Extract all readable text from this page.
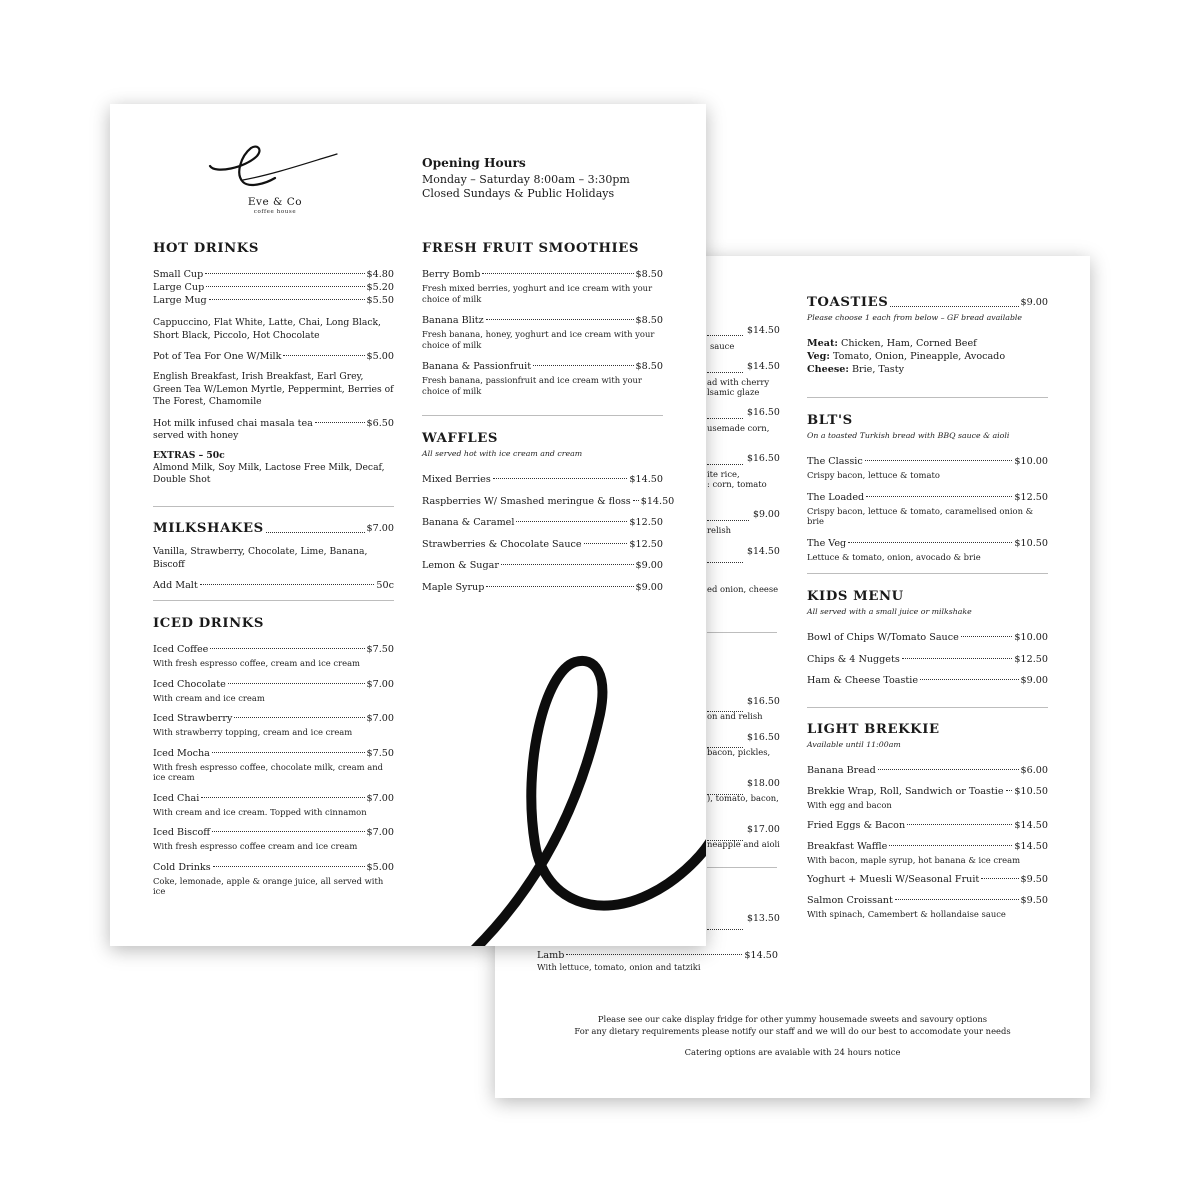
$14.50
sauce
$14.50
ad with cherry
lsamic glaze
$16.50
usemade corn,
$16.50
ite rice,
: corn, tomato
$9.00
relish
$14.50
ed onion, cheese
$16.50
on and relish
$16.50
bacon, pickles,
$18.00
), tomato, bacon,
$17.00
neapple and aioli
$13.50
Lamb	$14.50
With lettuce, tomato, onion and tatziki
TOASTIES	$9.00
Please choose 1 each from below – GF bread available
Meat: Chicken, Ham, Corned Beef
Veg: Tomato, Onion, Pineapple, Avocado
Cheese: Brie, Tasty
BLT'S
On a toasted Turkish bread with BBQ sauce & aioli
The Classic	$10.00
Crispy bacon, lettuce & tomato
The Loaded	$12.50
Crispy bacon, lettuce & tomato, caramelised onion & brie
The Veg	$10.50
Lettuce & tomato, onion, avocado & brie
KIDS MENU
All served with a small juice or milkshake
Bowl of Chips W/Tomato Sauce	$10.00
Chips & 4 Nuggets	$12.50
Ham & Cheese Toastie	$9.00
LIGHT BREKKIE
Available until 11:00am
Banana Bread	$6.00
Brekkie Wrap, Roll, Sandwich or Toastie $10.50
With egg and bacon
Fried Eggs & Bacon	$14.50
Breakfast Waffle	$14.50
With bacon, maple syrup, hot banana & ice cream
Yoghurt + Muesli W/Seasonal Fruit	$9.50
Salmon Croissant	$9.50
With spinach, Camembert & hollandaise sauce
Please see our cake display fridge for other yummy housemade sweets and savoury options
For any dietary requirements please notify our staff and we will do our best to accomodate your needs
Catering options are avaiable with 24 hours notice
Eve & Co
coffee house
Opening Hours
Monday – Saturday 8:00am – 3:30pm
Closed Sundays & Public Holidays
HOT DRINKS
Small Cup	$4.80
Large Cup	$5.20
Large Mug	$5.50
Cappuccino, Flat White, Latte, Chai, Long Black, Short Black, Piccolo, Hot Chocolate
Pot of Tea For One W/Milk	$5.00
English Breakfast, Irish Breakfast, Earl Grey, Green Tea W/Lemon Myrtle, Peppermint, Berries of The Forest, Chamomile
Hot milk infused chai masala tea	$6.50
served with honey
EXTRAS – 50c
Almond Milk, Soy Milk, Lactose Free Milk, Decaf, Double Shot
MILKSHAKES	$7.00
Vanilla, Strawberry, Chocolate, Lime, Banana, Biscoff
Add Malt	50c
ICED DRINKS
Iced Coffee	$7.50
With fresh espresso coffee, cream and ice cream
Iced Chocolate	$7.00
With cream and ice cream
Iced Strawberry	$7.00
With strawberry topping, cream and ice cream
Iced Mocha	$7.50
With fresh espresso coffee, chocolate milk, cream and ice cream
Iced Chai	$7.00
With cream and ice cream. Topped with cinnamon
Iced Biscoff	$7.00
With fresh espresso coffee cream and ice cream
Cold Drinks	$5.00
Coke, lemonade, apple & orange juice, all served with ice
FRESH FRUIT SMOOTHIES
Berry Bomb	$8.50
Fresh mixed berries, yoghurt and ice cream with your choice of milk
Banana Blitz	$8.50
Fresh banana, honey, yoghurt and ice cream with your choice of milk
Banana & Passionfruit	$8.50
Fresh banana, passionfruit and ice cream with your choice of milk
WAFFLES
All served hot with ice cream and cream
Mixed Berries	$14.50
Raspberries W/ Smashed meringue & floss $14.50
Banana & Caramel	$12.50
Strawberries & Chocolate Sauce	$12.50
Lemon & Sugar	$9.00
Maple Syrup	$9.00
